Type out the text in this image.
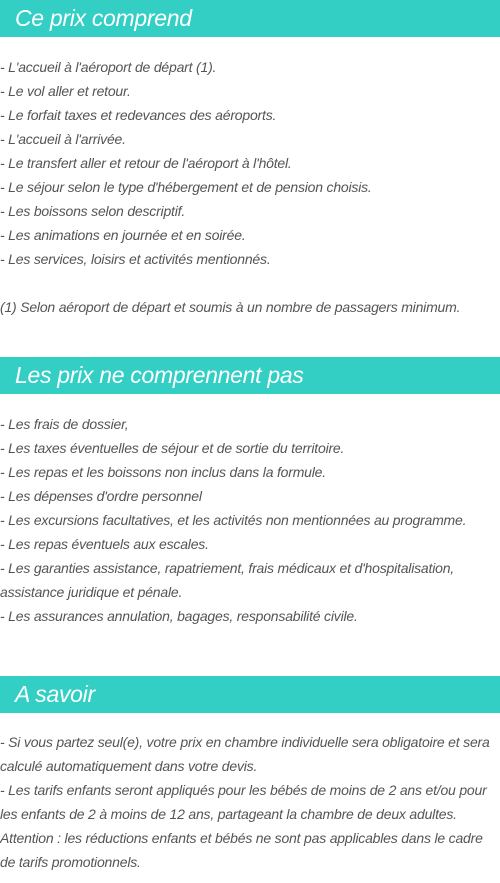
Ce prix comprend
- L'accueil à l'aéroport de départ (1).
- Le vol aller et retour.
- Le forfait taxes et redevances des aéroports.
- L'accueil à l'arrivée.
- Le transfert aller et retour de l'aéroport à l'hôtel.
- Le séjour selon le type d'hébergement et de pension choisis.
- Les boissons selon descriptif.
- Les animations en journée et en soirée.
- Les services, loisirs et activités mentionnés.
(1) Selon aéroport de départ et soumis à un nombre de passagers minimum.
Les prix ne comprennent pas
- Les frais de dossier,
- Les taxes éventuelles de séjour et de sortie du territoire.
- Les repas et les boissons non inclus dans la formule.
- Les dépenses d'ordre personnel
- Les excursions facultatives, et les activités non mentionnées au programme.
- Les repas éventuels aux escales.
- Les garanties assistance, rapatriement, frais médicaux et d'hospitalisation, assistance juridique et pénale.
- Les assurances annulation, bagages, responsabilité civile.
A savoir
- Si vous partez seul(e), votre prix en chambre individuelle sera obligatoire et sera calculé automatiquement dans votre devis.
- Les tarifs enfants seront appliqués pour les bébés de moins de 2 ans et/ou pour les enfants de 2 à moins de 12 ans, partageant la chambre de deux adultes.
Attention : les réductions enfants et bébés ne sont pas applicables dans le cadre de tarifs promotionnels.
